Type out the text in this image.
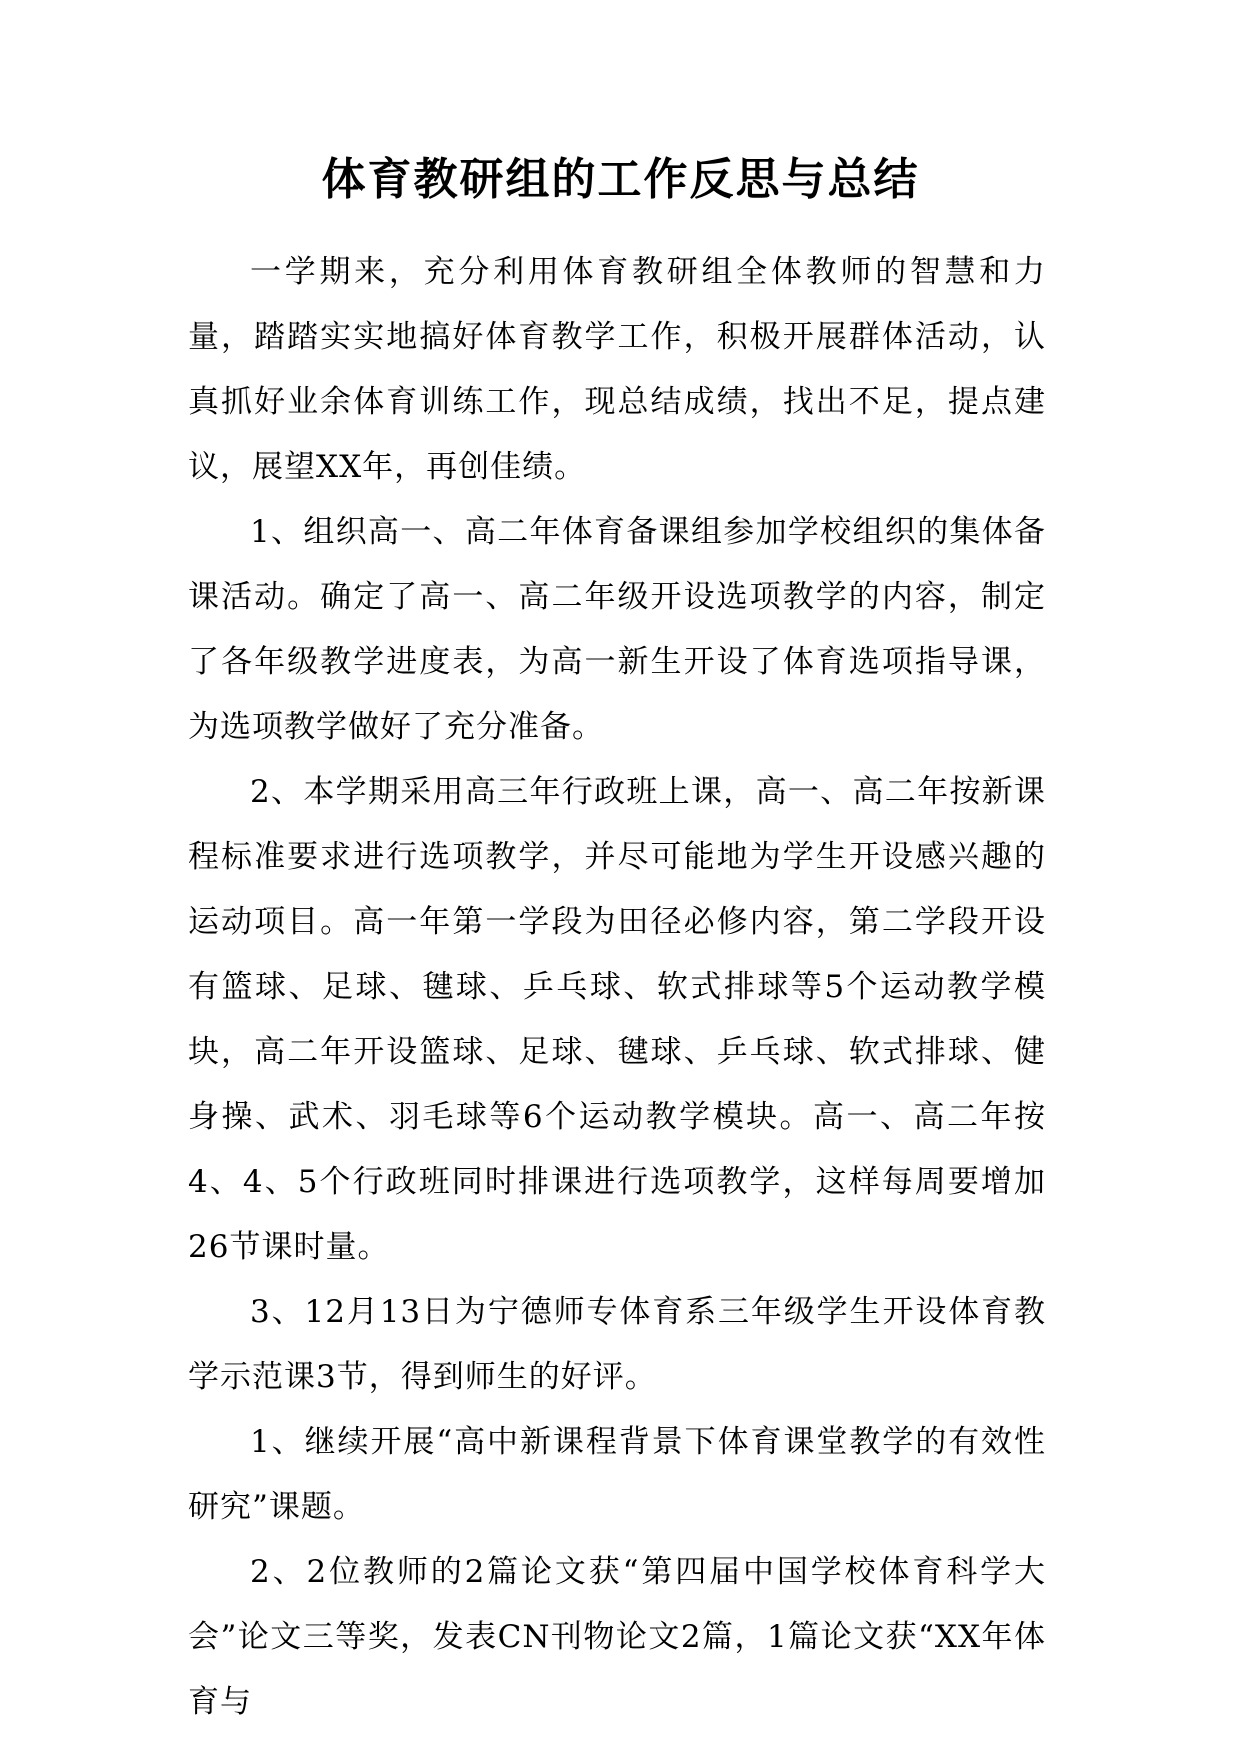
体育教研组的工作反思与总结

一学期来，充分利用体育教研组全体教师的智慧和力量，踏踏实实地搞好体育教学工作，积极开展群体活动，认真抓好业余体育训练工作，现总结成绩，找出不足，提点建议，展望XX年，再创佳绩。

1、组织高一、高二年体育备课组参加学校组织的集体备课活动。确定了高一、高二年级开设选项教学的内容，制定了各年级教学进度表，为高一新生开设了体育选项指导课，为选项教学做好了充分准备。

2、本学期采用高三年行政班上课，高一、高二年按新课程标准要求进行选项教学，并尽可能地为学生开设感兴趣的运动项目。高一年第一学段为田径必修内容，第二学段开设有篮球、足球、毽球、乒乓球、软式排球等5个运动教学模块，高二年开设篮球、足球、毽球、乒乓球、软式排球、健身操、武术、羽毛球等6个运动教学模块。高一、高二年按4、4、5个行政班同时排课进行选项教学，这样每周要增加26节课时量。

3、12月13日为宁德师专体育系三年级学生开设体育教学示范课3节，得到师生的好评。

1、继续开展“高中新课程背景下体育课堂教学的有效性研究”课题。

2、2位教师的2篇论文获“第四届中国学校体育科学大会”论文三等奖，发表CN刊物论文2篇，1篇论文获“XX年体育与
